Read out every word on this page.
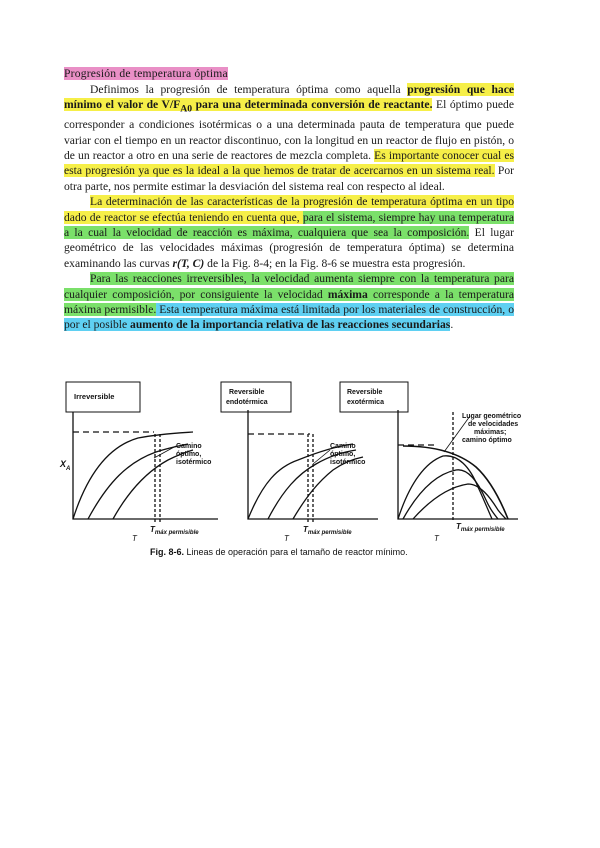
Progresión de temperatura óptima

Definimos la progresión de temperatura óptima como aquella progresión que hace mínimo el valor de $V/F_{A0}$ para una determinada conversión de reactante. El óptimo puede corresponder a condiciones isotérmicas o a una determinada pauta de temperatura que puede variar con el tiempo en un reactor discontinuo, con la longitud en un reactor de flujo en pistón, o de un reactor a otro en una serie de reactores de mezcla completa. Es importante conocer cual es esta progresión ya que es la ideal a la que hemos de tratar de acercarnos en un sistema real. Por otra parte, nos permite estimar la desviación del sistema real con respecto al ideal.

La determinación de las características de la progresión de temperatura óptima en un tipo dado de reactor se efectúa teniendo en cuenta que, para el sistema, siempre hay una temperatura a la cual la velocidad de reacción es máxima, cualquiera que sea la composición. El lugar geométrico de las velocidades máximas (progresión de temperatura óptima) se determina examinando las curvas r(T, C) de la Fig. 8-4; en la Fig. 8-6 se muestra esta progresión.

Para las reacciones irreversibles, la velocidad aumenta siempre con la temperatura para cualquier composición, por consiguiente la velocidad máxima corresponde a la temperatura máxima permisible. Esta temperatura máxima está limitada por los materiales de construcción, o por el posible aumento de la importancia relativa de las reacciones secundarias.

Irreversible
$X_A$
Camino
óptimo,
isotérmico
$T_{máx permisible}$
T
Reversible
endotérmica
Camino
óptimo,
isotérmico
$T_{máx permisible}$
T
Reversible
exotérmica
Lugar geométrico
de velocidades
máximas;
camino óptimo
$T_{máx permisible}$
T
Fig. 8-6. Lineas de operación para el tamaño de reactor mínimo.
